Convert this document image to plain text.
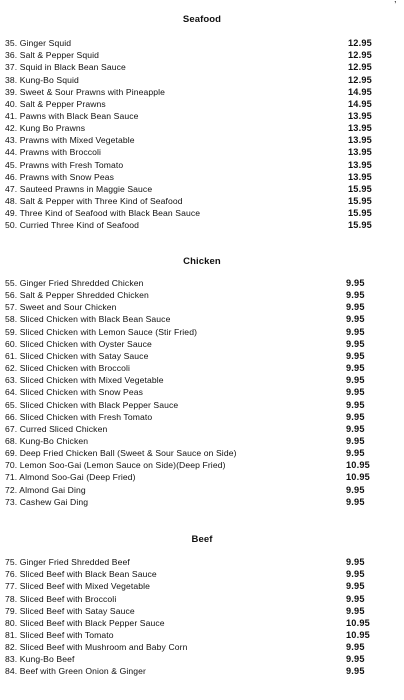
Seafood
35. Ginger Squid	12.95
36. Salt & Pepper Squid	12.95
37. Squid in Black Bean Sauce	12.95
38. Kung-Bo Squid	12.95
39. Sweet & Sour Prawns with Pineapple	14.95
40. Salt & Pepper Prawns	14.95
41. Pawns with Black Bean Sauce	13.95
42. Kung Bo Prawns	13.95
43. Prawns with Mixed Vegetable	13.95
44. Prawns with Broccoli	13.95
45. Prawns with Fresh Tomato	13.95
46. Prawns with Snow Peas	13.95
47. Sauteed Prawns in Maggie Sauce	15.95
48. Salt & Pepper with Three Kind of Seafood	15.95
49. Three Kind of Seafood with Black Bean Sauce	15.95
50. Curried Three Kind of Seafood	15.95
Chicken
55. Ginger Fried Shredded Chicken	9.95
56. Salt & Pepper Shredded Chicken	9.95
57. Sweet and Sour Chicken	9.95
58. Sliced Chicken with Black Bean Sauce	9.95
59. Sliced Chicken with Lemon Sauce (Stir Fried)	9.95
60. Sliced Chicken with Oyster Sauce	9.95
61. Sliced Chicken with Satay Sauce	9.95
62. Sliced Chicken with Broccoli	9.95
63. Sliced Chicken with Mixed Vegetable	9.95
64. Sliced Chicken with Snow Peas	9.95
65. Sliced Chicken with Black Pepper Sauce	9.95
66. Sliced Chicken with Fresh Tomato	9.95
67. Curred Sliced Chicken	9.95
68. Kung-Bo Chicken	9.95
69. Deep Fried Chicken Ball (Sweet & Sour Sauce on Side)	9.95
70. Lemon Soo-Gai (Lemon Sauce on Side)(Deep Fried)	10.95
71. Almond Soo-Gai (Deep Fried)	10.95
72. Almond Gai Ding	9.95
73. Cashew Gai Ding	9.95
Beef
75. Ginger Fried Shredded Beef	9.95
76. Sliced Beef with Black Bean Sauce	9.95
77. Sliced Beef with Mixed Vegetable	9.95
78. Sliced Beef with Broccoli	9.95
79. Sliced Beef with Satay Sauce	9.95
80. Sliced Beef with Black Pepper Sauce	10.95
81. Sliced Beef with Tomato	10.95
82. Sliced Beef with Mushroom and Baby Corn	9.95
83. Kung-Bo Beef	9.95
84. Beef with Green Onion & Ginger	9.95
